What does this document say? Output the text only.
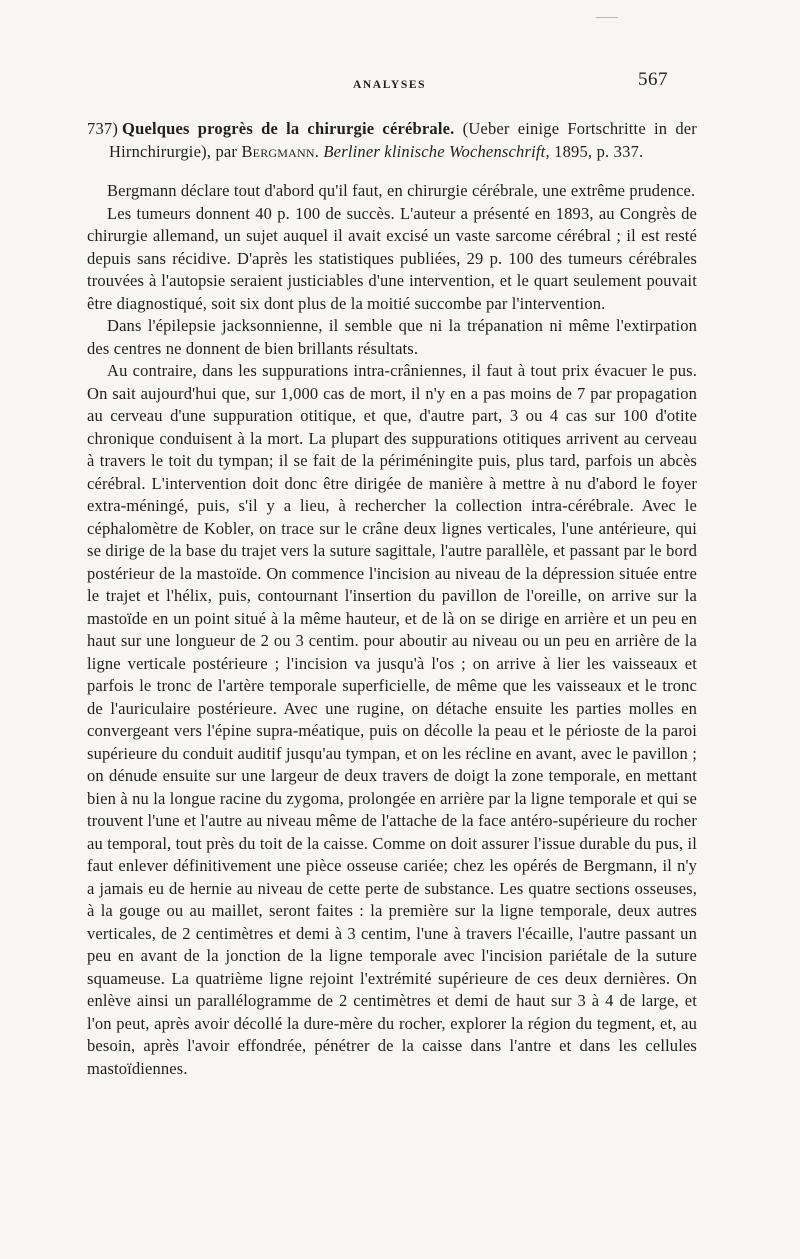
ANALYSES	567
737) Quelques progrès de la chirurgie cérébrale. (Ueber einige Fortschritte in der Hirnchirurgie), par Bergmann. Berliner klinische Wochenschrift, 1895, p. 337.

Bergmann déclare tout d'abord qu'il faut, en chirurgie cérébrale, une extrême prudence.

Les tumeurs donnent 40 p. 100 de succès. L'auteur a présenté en 1893, au Congrès de chirurgie allemand, un sujet auquel il avait excisé un vaste sarcome cérébral ; il est resté depuis sans récidive. D'après les statistiques publiées, 29 p. 100 des tumeurs cérébrales trouvées à l'autopsie seraient justiciables d'une intervention, et le quart seulement pouvait être diagnostiqué, soit six dont plus de la moitié succombe par l'intervention.

Dans l'épilepsie jacksonnienne, il semble que ni la trépanation ni même l'extirpation des centres ne donnent de bien brillants résultats.

Au contraire, dans les suppurations intra-crâniennes, il faut à tout prix évacuer le pus. On sait aujourd'hui que, sur 1,000 cas de mort, il n'y en a pas moins de 7 par propagation au cerveau d'une suppuration otitique, et que, d'autre part, 3 ou 4 cas sur 100 d'otite chronique conduisent à la mort. La plupart des suppurations otitiques arrivent au cerveau à travers le toit du tympan; il se fait de la périméningite puis, plus tard, parfois un abcès cérébral. L'intervention doit donc être dirigée de manière à mettre à nu d'abord le foyer extra-méningé, puis, s'il y a lieu, à rechercher la collection intra-cérébrale. Avec le céphalomètre de Kobler, on trace sur le crâne deux lignes verticales, l'une antérieure, qui se dirige de la base du trajet vers la suture sagittale, l'autre parallèle, et passant par le bord postérieur de la mastoïde. On commence l'incision au niveau de la dépression située entre le trajet et l'hélix, puis, contournant l'insertion du pavillon de l'oreille, on arrive sur la mastoïde en un point situé à la même hauteur, et de là on se dirige en arrière et un peu en haut sur une longueur de 2 ou 3 centim. pour aboutir au niveau ou un peu en arrière de la ligne verticale postérieure ; l'incision va jusqu'à l'os ; on arrive à lier les vaisseaux et parfois le tronc de l'artère temporale superficielle, de même que les vaisseaux et le tronc de l'auriculaire postérieure. Avec une rugine, on détache ensuite les parties molles en convergeant vers l'épine supra-méatique, puis on décolle la peau et le périoste de la paroi supérieure du conduit auditif jusqu'au tympan, et on les récline en avant, avec le pavillon ; on dénude ensuite sur une largeur de deux travers de doigt la zone temporale, en mettant bien à nu la longue racine du zygoma, prolongée en arrière par la ligne temporale et qui se trouvent l'une et l'autre au niveau même de l'attache de la face antéro-supérieure du rocher au temporal, tout près du toit de la caisse. Comme on doit assurer l'issue durable du pus, il faut enlever définitivement une pièce osseuse cariée; chez les opérés de Bergmann, il n'y a jamais eu de hernie au niveau de cette perte de substance. Les quatre sections osseuses, à la gouge ou au maillet, seront faites : la première sur la ligne temporale, deux autres verticales, de 2 centimètres et demi à 3 centim, l'une à travers l'écaille, l'autre passant un peu en avant de la jonction de la ligne temporale avec l'incision pariétale de la suture squameuse. La quatrième ligne rejoint l'extrémité supérieure de ces deux dernières. On enlève ainsi un parallélogramme de 2 centimètres et demi de haut sur 3 à 4 de large, et l'on peut, après avoir décollé la dure-mère du rocher, explorer la région du tegment, et, au besoin, après l'avoir effondrée, pénétrer de la caisse dans l'antre et dans les cellules mastoïdiennes.
